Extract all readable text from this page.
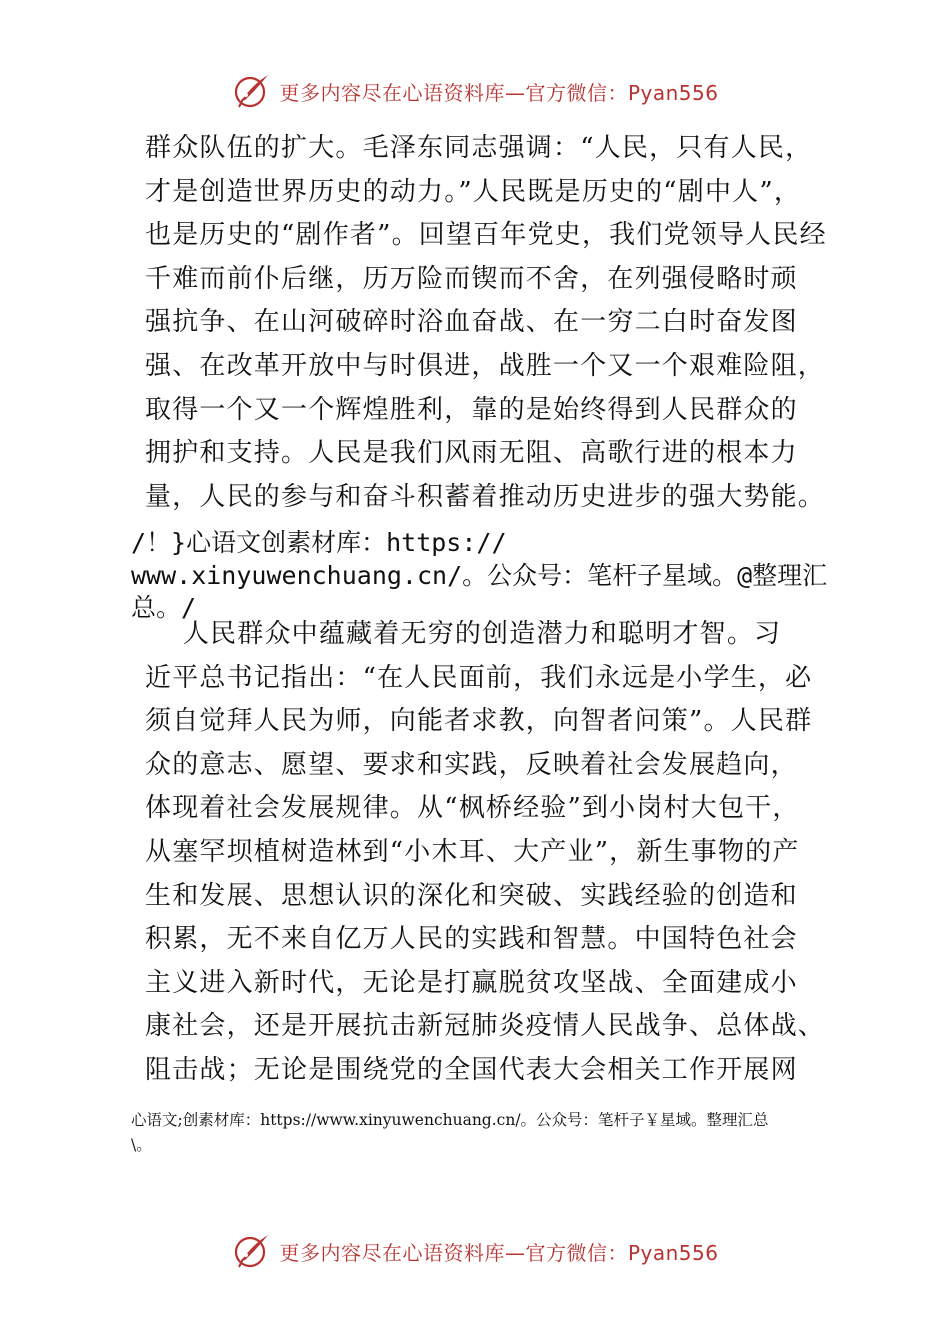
更多内容尽在心语资料库—官方微信：Pyan556
群众队伍的扩大。毛泽东同志强调：“人民，只有人民，
才是创造世界历史的动力。”人民既是历史的“剧中人”，
也是历史的“剧作者”。回望百年党史，我们党领导人民经
千难而前仆后继，历万险而锲而不舍，在列强侵略时顽
强抗争、在山河破碎时浴血奋战、在一穷二白时奋发图
强、在改革开放中与时俱进，战胜一个又一个艰难险阻，
取得一个又一个辉煌胜利，靠的是始终得到人民群众的
拥护和支持。人民是我们风雨无阻、高歌行进的根本力
量，人民的参与和奋斗积蓄着推动历史进步的强大势能。
/！}心语文创素材库：https://
www.xinyuwenchuang.cn/。公众号：笔杆子星域。@整理汇
总。/
人民群众中蕴藏着无穷的创造潜力和聪明才智。习
近平总书记指出：“在人民面前，我们永远是小学生，必
须自觉拜人民为师，向能者求教，向智者问策”。人民群
众的意志、愿望、要求和实践，反映着社会发展趋向，
体现着社会发展规律。从“枫桥经验”到小岗村大包干，
从塞罕坝植树造林到“小木耳、大产业”，新生事物的产
生和发展、思想认识的深化和突破、实践经验的创造和
积累，无不来自亿万人民的实践和智慧。中国特色社会
主义进入新时代，无论是打赢脱贫攻坚战、全面建成小
康社会，还是开展抗击新冠肺炎疫情人民战争、总体战、
阻击战；无论是围绕党的全国代表大会相关工作开展网
心语文;创素材库：https://www.xinyuwenchuang.cn/。公众号：笔杆子￥星域。整理汇总
\。
更多内容尽在心语资料库—官方微信：Pyan556
